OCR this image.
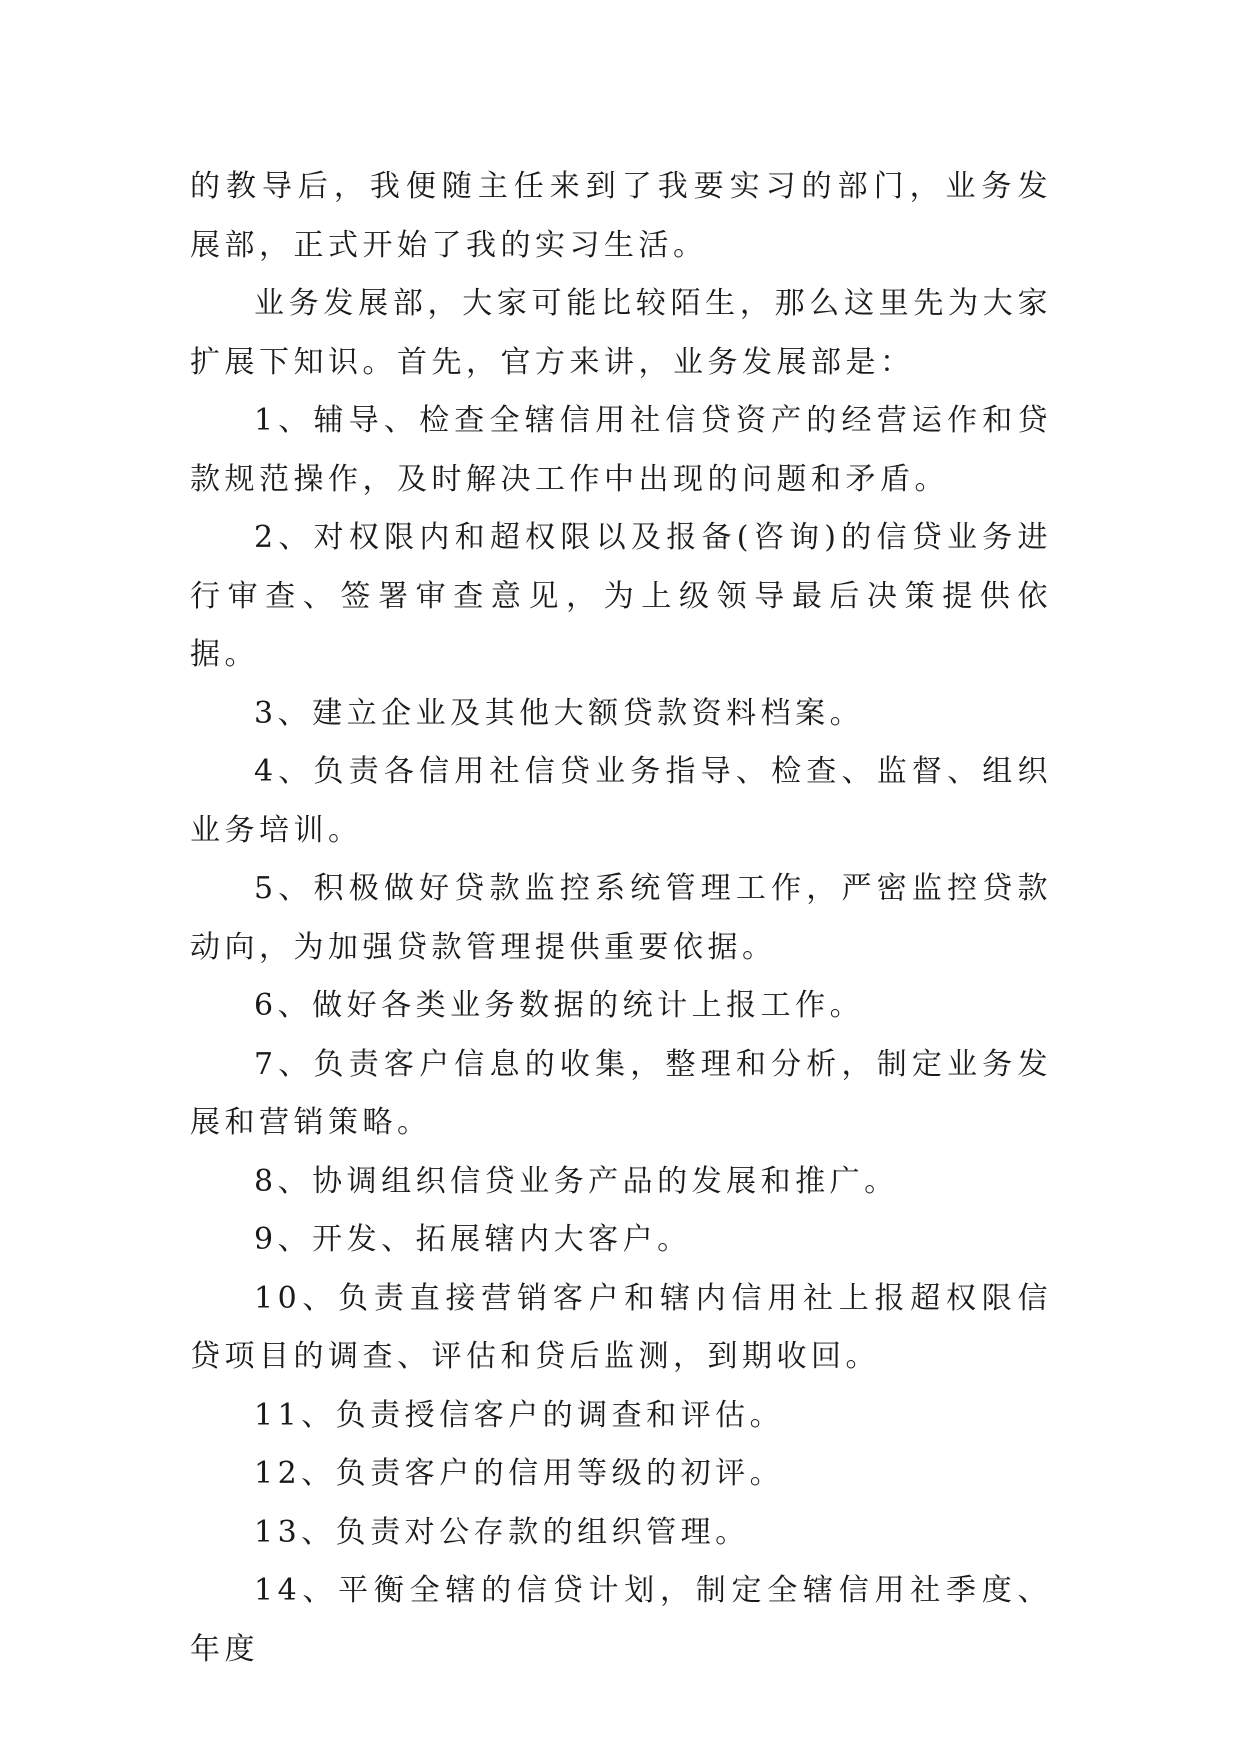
的教导后，我便随主任来到了我要实习的部门，业务发展部，正式开始了我的实习生活。

业务发展部，大家可能比较陌生，那么这里先为大家扩展下知识。首先，官方来讲，业务发展部是：

1、辅导、检查全辖信用社信贷资产的经营运作和贷款规范操作，及时解决工作中出现的问题和矛盾。

2、对权限内和超权限以及报备(咨询)的信贷业务进行审查、签署审查意见，为上级领导最后决策提供依据。

3、建立企业及其他大额贷款资料档案。

4、负责各信用社信贷业务指导、检查、监督、组织业务培训。

5、积极做好贷款监控系统管理工作，严密监控贷款动向，为加强贷款管理提供重要依据。

6、做好各类业务数据的统计上报工作。

7、负责客户信息的收集，整理和分析，制定业务发展和营销策略。

8、协调组织信贷业务产品的发展和推广。

9、开发、拓展辖内大客户。

10、负责直接营销客户和辖内信用社上报超权限信贷项目的调查、评估和贷后监测，到期收回。

11、负责授信客户的调查和评估。

12、负责客户的信用等级的初评。

13、负责对公存款的组织管理。

14、平衡全辖的信贷计划，制定全辖信用社季度、年度
